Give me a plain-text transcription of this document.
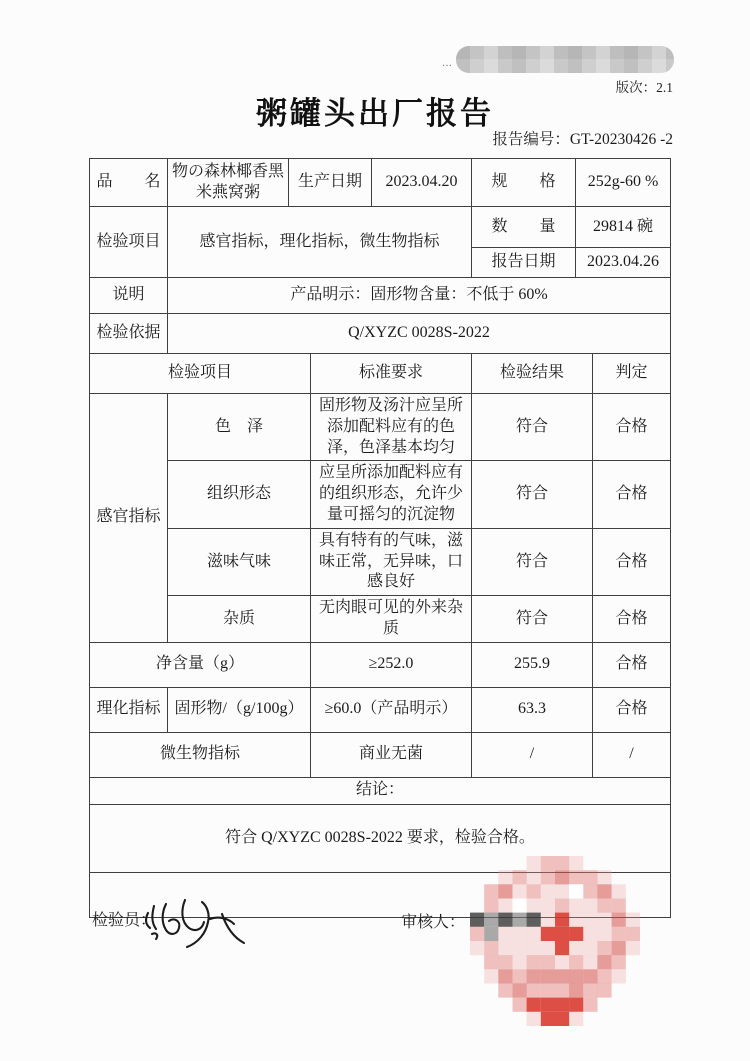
…
版次：2.1
粥罐头出厂报告
报告编号：GT-20230426 -2
品　　名	物の森林椰香黑米燕窝粥	生产日期		2023.04.20	规　　格	252g-60 %	
检验项目	感官指标，理化指标，微生物指标				数　　量	29814 碗	
					报告日期	2023.04.26	
说明	产品明示：固形物含量：不低于 60%						
检验依据	Q/XYZC 0028S-2022						
检验项目			标准要求		检验结果		判定
感官指标	色　泽		固形物及汤汁应呈所添加配料应有的色泽，色泽基本均匀		符合		合格
	组织形态		应呈所添加配料应有的组织形态，允许少量可摇匀的沉淀物		符合		合格
	滋味气味		具有特有的气味，滋味正常，无异味，口感良好		符合		合格
	杂质		无肉眼可见的外来杂质		符合		合格
净含量（g）			≥252.0		255.9		合格
理化指标	固形物/（g/100g）		≥60.0（产品明示）		63.3		合格
微生物指标			商业无菌		/		/
结论：							
符合 Q/XYZC 0028S-2022 要求，检验合格。							

检验员：	审核人：
